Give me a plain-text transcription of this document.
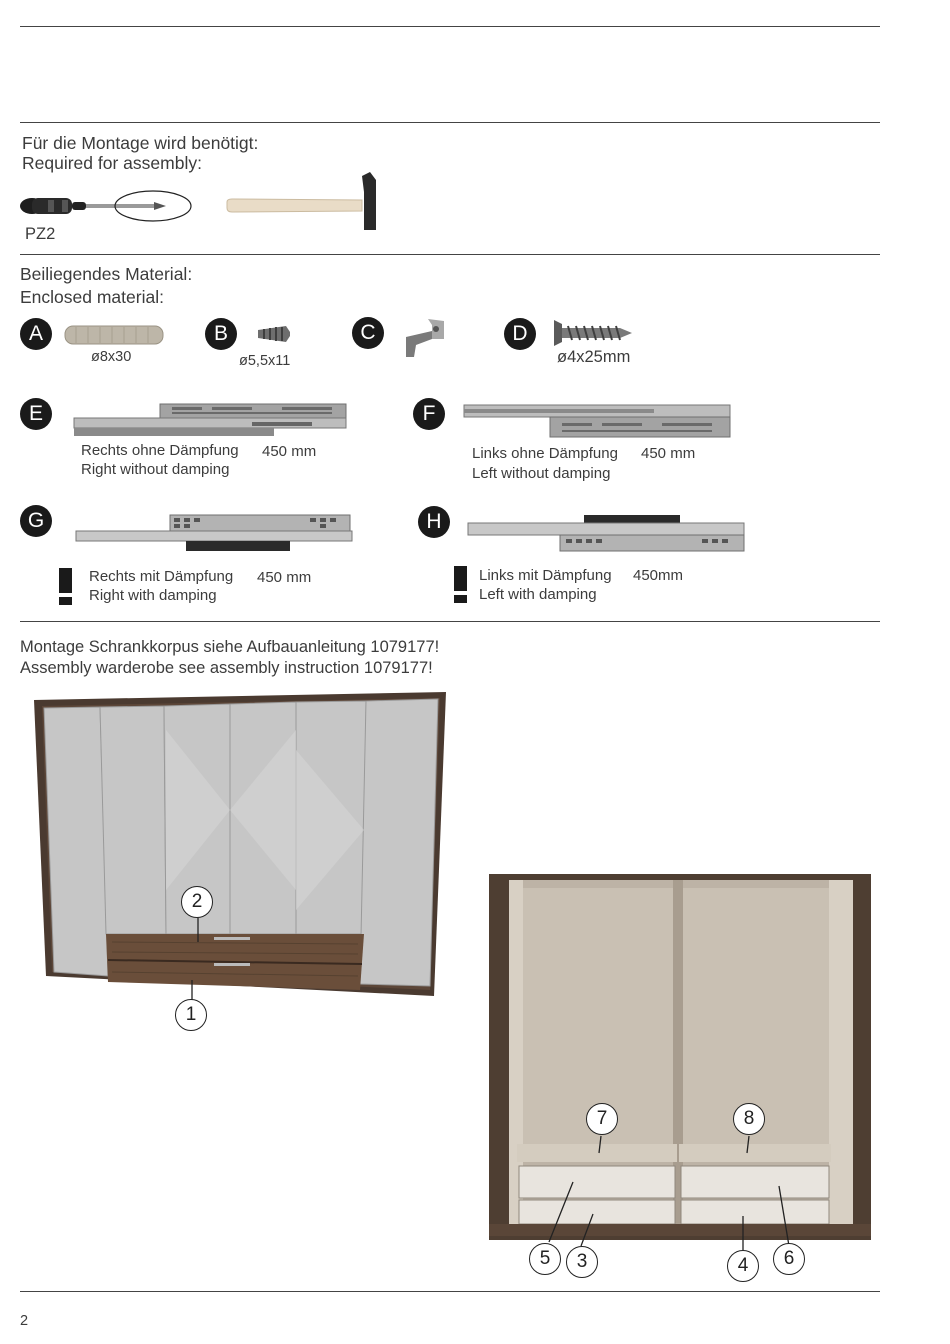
Für die Montage wird benötigt:
Required for assembly:
PZ2
Beiliegendes Material:
Enclosed material:
A
ø8x30
B
ø5,5x11
C	D
ø4x25mm
E
Rechts ohne Dämpfung 450 mm
Right without damping
F
Links ohne Dämpfung 450 mm
Left without damping
G
Rechts mit Dämpfung 450 mm
Right with damping
H
Links mit Dämpfung 450mm
Left with damping
Montage Schrankkorpus siehe Aufbauanleitung 1079177!
Assembly warderobe see assembly instruction 1079177!
2
1
7	8
5	3	4	6
2
